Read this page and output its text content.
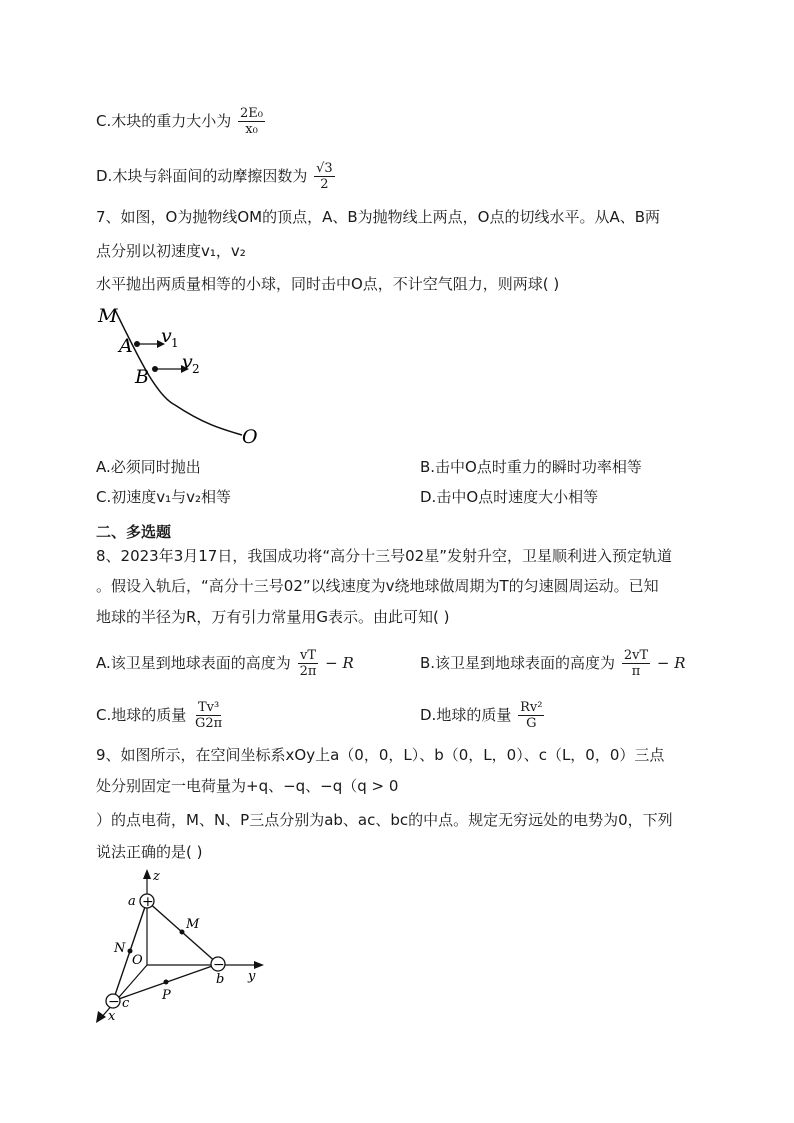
C.木块的重力大小为 $\frac{\text{2E₀}}{\text{x₀}}$
D.木块与斜面间的动摩擦因数为 $\frac{√3}{2}$
7、如图，O为抛物线OM的顶点，A、B为抛物线上两点，O点的切线水平。从A、B两
点分别以初速度v₁，v₂
水平抛出两质量相等的小球，同时击中O点，不计空气阻力，则两球( )
M
A
B
O
v 1
v 2
A.必须同时抛出	B.击中O点时重力的瞬时功率相等
C.初速度v₁与v₂相等	D.击中O点时速度大小相等
二、多选题
8、2023年3月17日，我国成功将“高分十三号02星”发射升空，卫星顺利进入预定轨道
。假设入轨后，“高分十三号02”以线速度为v绕地球做周期为T的匀速圆周运动。已知
地球的半径为R，万有引力常量用G表示。由此可知( )
A.该卫星到地球表面的高度为 $\frac{vT}{2\pi} - R$	B.该卫星到地球表面的高度为 $\frac{2vT}{\pi} - R$
C.地球的质量 $\frac{\text{Tv³}}{G2\pi}$	D.地球的质量 $\frac{\text{Rv²}}{G}$
9、如图所示，在空间坐标系xOy上a（0，0，L）、b（0，L，0）、c（L，0，0）三点
处分别固定一电荷量为+q、−q、−q（q > 0
）的点电荷，M、N、P三点分别为ab、ac、bc的中点。规定无穷远处的电势为0，下列
说法正确的是( )
+
−
−
z
y
x
a
b
c
O
M
N
P
